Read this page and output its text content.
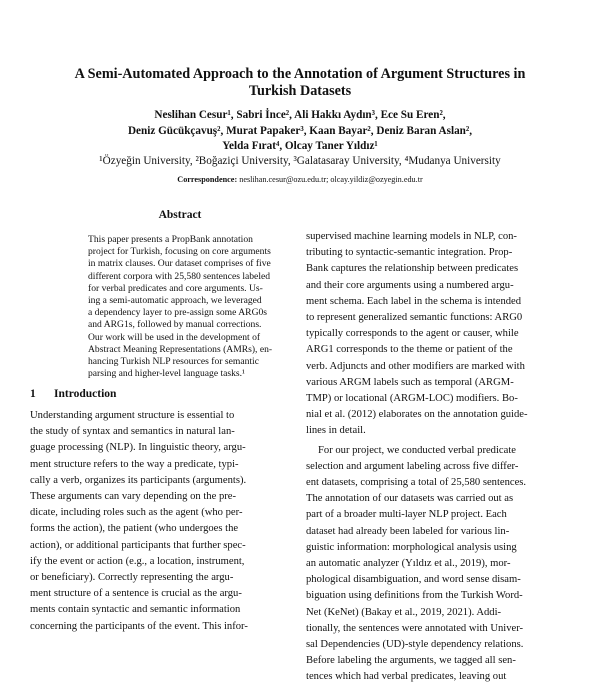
A Semi-Automated Approach to the Annotation of Argument Structures in
Turkish Datasets
Neslihan Cesur¹, Sabri İnce², Ali Hakkı Aydın³, Ece Su Eren²,
Deniz Gücükçavuş², Murat Papaker³, Kaan Bayar², Deniz Baran Aslan²,
Yelda Fırat⁴, Olcay Taner Yıldız¹
¹Özyeğin University, ²Boğaziçi University, ³Galatasaray University, ⁴Mudanya University
Correspondence: neslihan.cesur@ozu.edu.tr; olcay.yildiz@ozyegin.edu.tr
Abstract
This paper presents a PropBank annotation
project for Turkish, focusing on core arguments
in matrix clauses. Our dataset comprises of five
different corpora with 25,580 sentences labeled
for verbal predicates and core arguments. Us-
ing a semi-automatic approach, we leveraged
a dependency layer to pre-assign some ARG0s
and ARG1s, followed by manual corrections.
Our work will be used in the development of
Abstract Meaning Representations (AMRs), en-
hancing Turkish NLP resources for semantic
parsing and higher-level language tasks.¹
1 Introduction
Understanding argument structure is essential to
the study of syntax and semantics in natural lan-
guage processing (NLP). In linguistic theory, argu-
ment structure refers to the way a predicate, typi-
cally a verb, organizes its participants (arguments).
These arguments can vary depending on the pre-
dicate, including roles such as the agent (who per-
forms the action), the patient (who undergoes the
action), or additional participants that further spec-
ify the event or action (e.g., a location, instrument,
or beneficiary). Correctly representing the argu-
ment structure of a sentence is crucial as the argu-
ments contain syntactic and semantic information
concerning the participants of the event. This infor-
supervised machine learning models in NLP, con-
tributing to syntactic-semantic integration. Prop-
Bank captures the relationship between predicates
and their core arguments using a numbered argu-
ment schema. Each label in the schema is intended
to represent generalized semantic functions: ARG0
typically corresponds to the agent or causer, while
ARG1 corresponds to the theme or patient of the
verb. Adjuncts and other modifiers are marked with
various ARGM labels such as temporal (ARGM-
TMP) or locational (ARGM-LOC) modifiers. Bo-
nial et al. (2012) elaborates on the annotation guide-
lines in detail.
For our project, we conducted verbal predicate
selection and argument labeling across five differ-
ent datasets, comprising a total of 25,580 sentences.
The annotation of our datasets was carried out as
part of a broader multi-layer NLP project. Each
dataset had already been labeled for various lin-
guistic information: morphological analysis using
an automatic analyzer (Yıldız et al., 2019), mor-
phological disambiguation, and word sense disam-
biguation using definitions from the Turkish Word-
Net (KeNet) (Bakay et al., 2019, 2021). Addi-
tionally, the sentences were annotated with Univer-
sal Dependencies (UD)-style dependency relations.
Before labeling the arguments, we tagged all sen-
tences which had verbal predicates, leaving out
